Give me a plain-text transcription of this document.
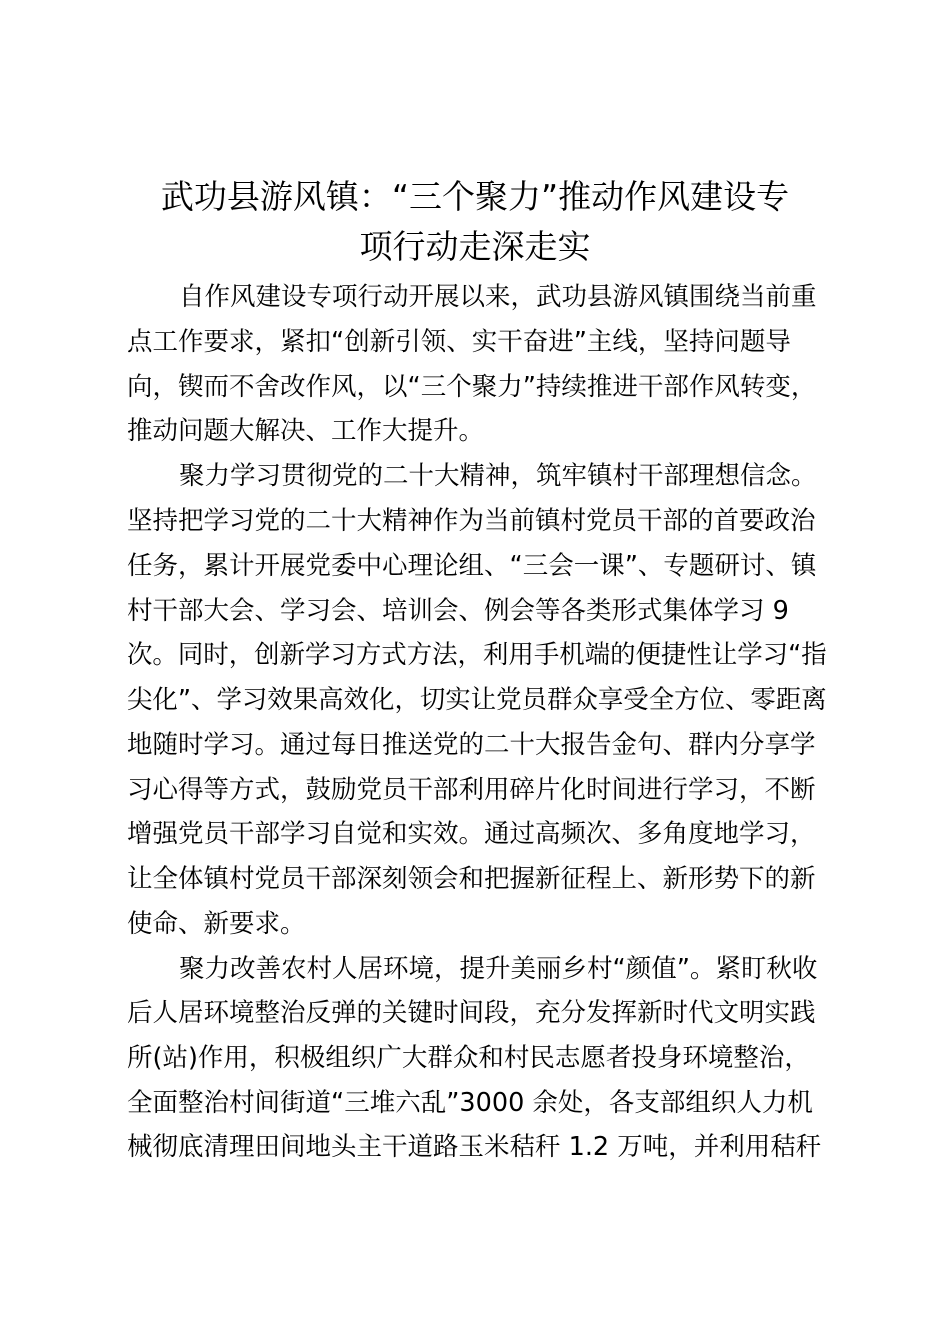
武功县游风镇：“三个聚力”推动作风建设专
项行动走深走实
自作风建设专项行动开展以来，武功县游风镇围绕当前重
点工作要求，紧扣“创新引领、实干奋进”主线，坚持问题导
向，锲而不舍改作风，以“三个聚力”持续推进干部作风转变，
推动问题大解决、工作大提升。
聚力学习贯彻党的二十大精神，筑牢镇村干部理想信念。
坚持把学习党的二十大精神作为当前镇村党员干部的首要政治
任务，累计开展党委中心理论组、“三会一课”、专题研讨、镇
村干部大会、学习会、培训会、例会等各类形式集体学习 9
次。同时，创新学习方式方法，利用手机端的便捷性让学习“指
尖化”、学习效果高效化，切实让党员群众享受全方位、零距离
地随时学习。通过每日推送党的二十大报告金句、群内分享学
习心得等方式，鼓励党员干部利用碎片化时间进行学习，不断
增强党员干部学习自觉和实效。通过高频次、多角度地学习，
让全体镇村党员干部深刻领会和把握新征程上、新形势下的新
使命、新要求。
聚力改善农村人居环境，提升美丽乡村“颜值”。紧盯秋收
后人居环境整治反弹的关键时间段，充分发挥新时代文明实践
所(站)作用，积极组织广大群众和村民志愿者投身环境整治，
全面整治村间街道“三堆六乱”3000 余处，各支部组织人力机
械彻底清理田间地头主干道路玉米秸秆 1.2 万吨，并利用秸秆
